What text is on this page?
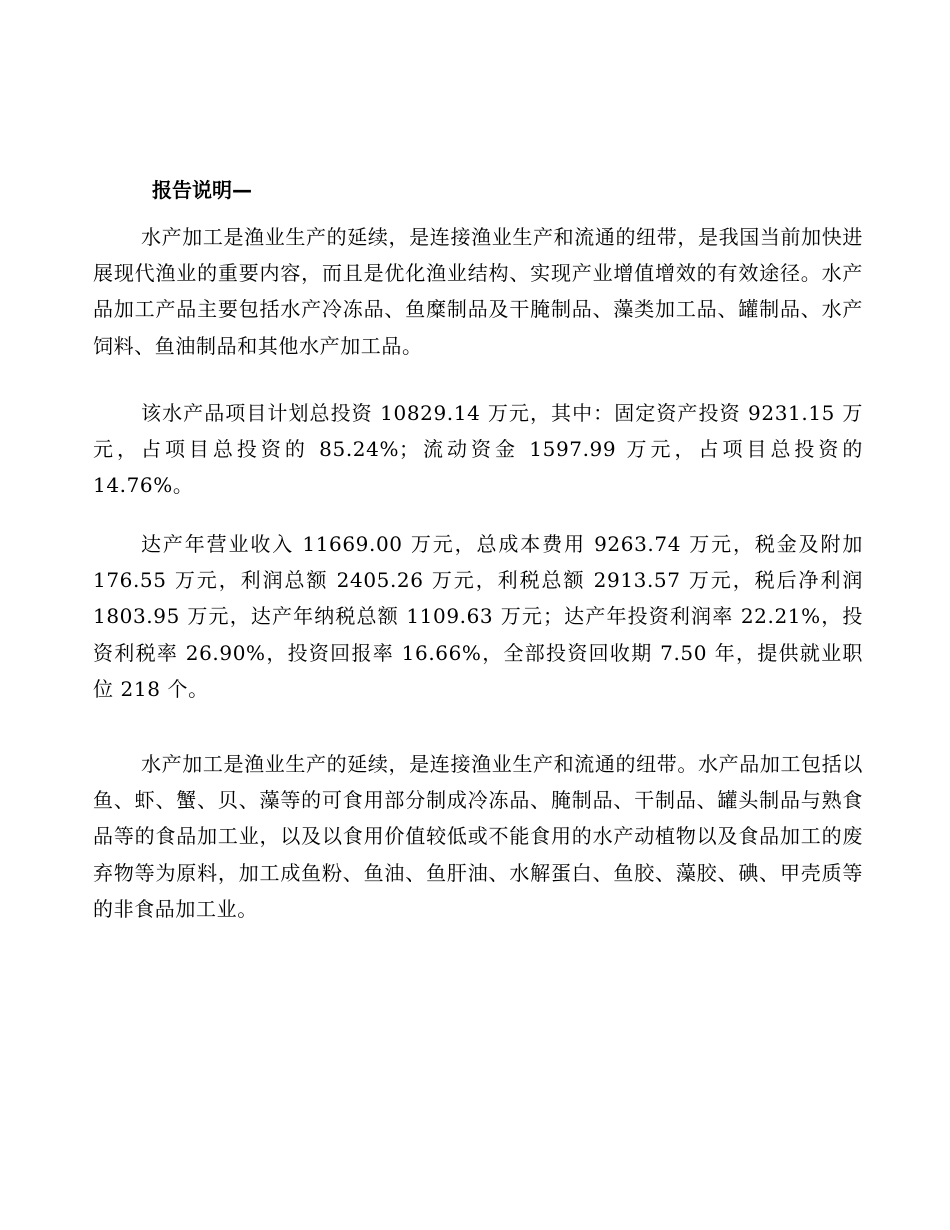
报告说明—

水产加工是渔业生产的延续，是连接渔业生产和流通的纽带，是我国当前加快进展现代渔业的重要内容，而且是优化渔业结构、实现产业增值增效的有效途径。水产品加工产品主要包括水产冷冻品、鱼糜制品及干腌制品、藻类加工品、罐制品、水产饲料、鱼油制品和其他水产加工品。

该水产品项目计划总投资 10829.14 万元，其中：固定资产投资 9231.15 万元，占项目总投资的 85.24%；流动资金 1597.99 万元，占项目总投资的 14.76%。

达产年营业收入 11669.00 万元，总成本费用 9263.74 万元，税金及附加 176.55 万元，利润总额 2405.26 万元，利税总额 2913.57 万元，税后净利润 1803.95 万元，达产年纳税总额 1109.63 万元；达产年投资利润率 22.21%，投资利税率 26.90%，投资回报率 16.66%，全部投资回收期 7.50 年，提供就业职位 218 个。

水产加工是渔业生产的延续，是连接渔业生产和流通的纽带。水产品加工包括以鱼、虾、蟹、贝、藻等的可食用部分制成冷冻品、腌制品、干制品、罐头制品与熟食品等的食品加工业，以及以食用价值较低或不能食用的水产动植物以及食品加工的废弃物等为原料，加工成鱼粉、鱼油、鱼肝油、水解蛋白、鱼胶、藻胶、碘、甲壳质等的非食品加工业。
